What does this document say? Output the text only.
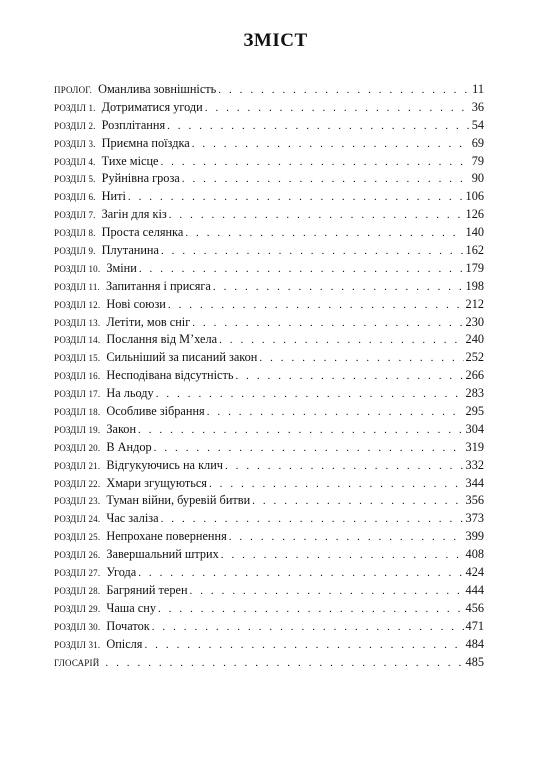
ЗМІСТ
ПРОЛОГ. Оманлива зовнішність . . .	11
РОЗДІЛ 1. Дотриматися угоди . . .	36
РОЗДІЛ 2. Розплітання . . .	54
РОЗДІЛ 3. Приємна поїздка . . .	69
РОЗДІЛ 4. Тихе місце . . .	79
РОЗДІЛ 5. Руйнівна гроза . . .	90
РОЗДІЛ 6. Нитi . . .	106
РОЗДІЛ 7. Загін для кіз . . .	126
РОЗДІЛ 8. Проста селянка . . .	140
РОЗДІЛ 9. Плутанина . . .	162
РОЗДІЛ 10. Зміни . . .	179
РОЗДІЛ 11. Запитання і присяга . . .	198
РОЗДІЛ 12. Нові союзи . . .	212
РОЗДІЛ 13. Летіти, мов сніг . . .	230
РОЗДІЛ 14. Послання від М’хела . . .	240
РОЗДІЛ 15. Сильніший за писаний закон . . .	252
РОЗДІЛ 16. Несподівана відсутність . . .	266
РОЗДІЛ 17. На льоду . . .	283
РОЗДІЛ 18. Особливе зібрання . . .	295
РОЗДІЛ 19. Закон . . .	304
РОЗДІЛ 20. В Андор . . .	319
РОЗДІЛ 21. Відгукуючись на клич . . .	332
РОЗДІЛ 22. Хмари згущуються . . .	344
РОЗДІЛ 23. Туман війни, буревій битви . . .	356
РОЗДІЛ 24. Час заліза . . .	373
РОЗДІЛ 25. Непрохане повернення . . .	399
РОЗДІЛ 26. Завершальний штрих . . .	408
РОЗДІЛ 27. Угода . . .	424
РОЗДІЛ 28. Багряний терен . . .	444
РОЗДІЛ 29. Чаша сну . . .	456
РОЗДІЛ 30. Початок . . .	471
РОЗДІЛ 31. Опісля . . .	484
ГЛОСАРІЙ . . .	485
